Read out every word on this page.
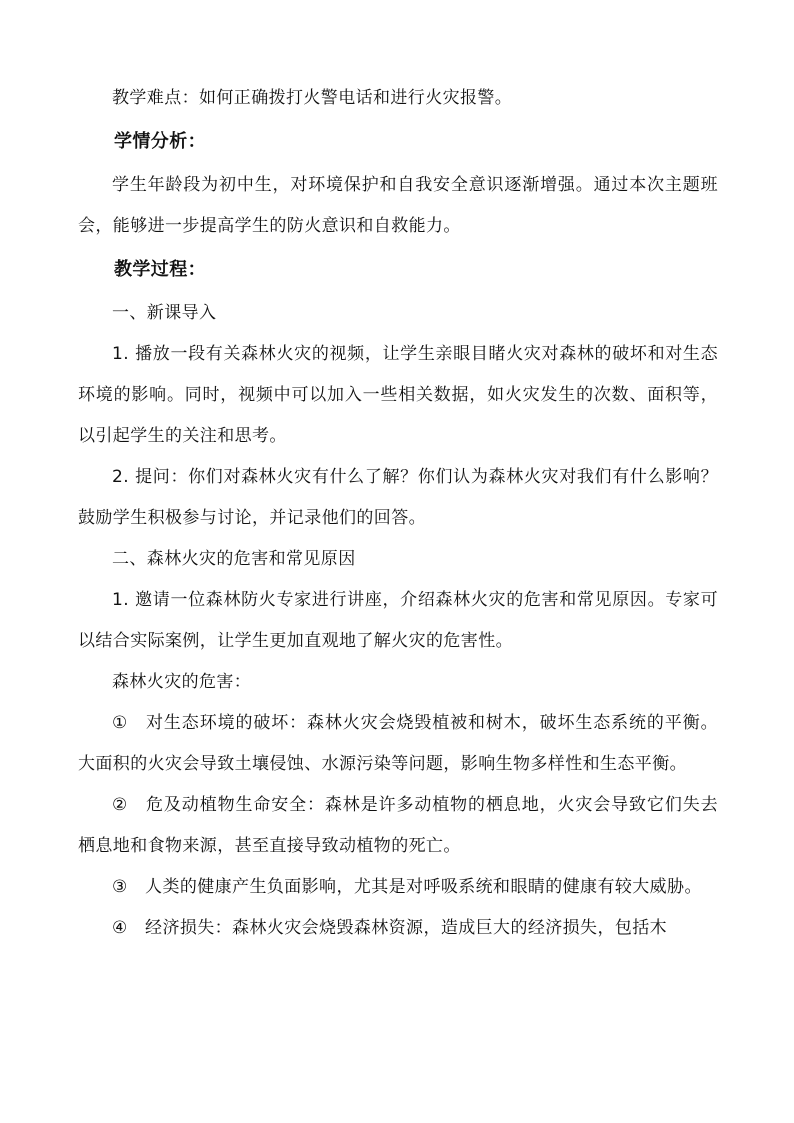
教学难点：如何正确拨打火警电话和进行火灾报警。

学情分析：

学生年龄段为初中生，对环境保护和自我安全意识逐渐增强。通过本次主题班会，能够进一步提高学生的防火意识和自救能力。

教学过程：

一、新课导入

1. 播放一段有关森林火灾的视频，让学生亲眼目睹火灾对森林的破坏和对生态环境的影响。同时，视频中可以加入一些相关数据，如火灾发生的次数、面积等，以引起学生的关注和思考。

2. 提问：你们对森林火灾有什么了解？你们认为森林火灾对我们有什么影响？鼓励学生积极参与讨论，并记录他们的回答。

二、森林火灾的危害和常见原因

1. 邀请一位森林防火专家进行讲座，介绍森林火灾的危害和常见原因。专家可以结合实际案例，让学生更加直观地了解火灾的危害性。

森林火灾的危害：

①　对生态环境的破坏：森林火灾会烧毁植被和树木，破坏生态系统的平衡。大面积的火灾会导致土壤侵蚀、水源污染等问题，影响生物多样性和生态平衡。

②　危及动植物生命安全：森林是许多动植物的栖息地，火灾会导致它们失去栖息地和食物来源，甚至直接导致动植物的死亡。

③　人类的健康产生负面影响，尤其是对呼吸系统和眼睛的健康有较大威胁。

④　经济损失：森林火灾会烧毁森林资源，造成巨大的经济损失，包括木
